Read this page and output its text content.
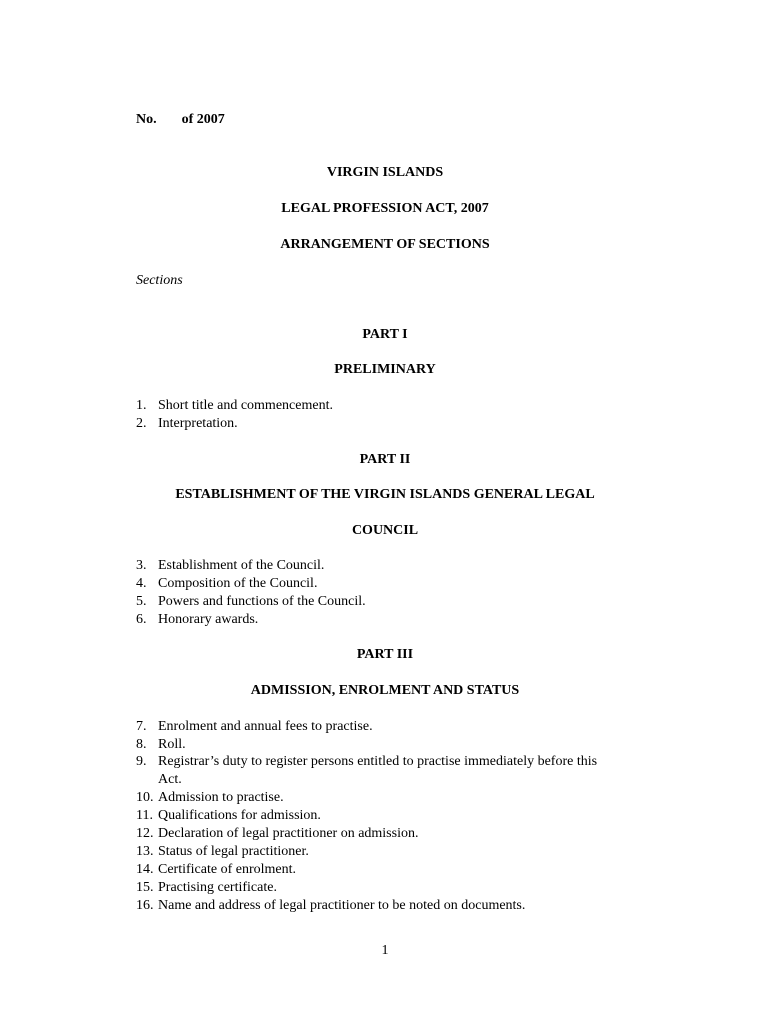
No. of 2007
VIRGIN ISLANDS
LEGAL PROFESSION ACT, 2007
ARRANGEMENT OF SECTIONS
Sections
PART I
PRELIMINARY
1. Short title and commencement.
2. Interpretation.
PART II
ESTABLISHMENT OF THE VIRGIN ISLANDS GENERAL LEGAL
COUNCIL
3. Establishment of the Council.
4. Composition of the Council.
5. Powers and functions of the Council.
6. Honorary awards.
PART III
ADMISSION, ENROLMENT AND STATUS
7. Enrolment and annual fees to practise.
8. Roll.
9. Registrar’s duty to register persons entitled to practise immediately before this
Act.
10. Admission to practise.
11. Qualifications for admission.
12. Declaration of legal practitioner on admission.
13. Status of legal practitioner.
14. Certificate of enrolment.
15. Practising certificate.
16. Name and address of legal practitioner to be noted on documents.
1
